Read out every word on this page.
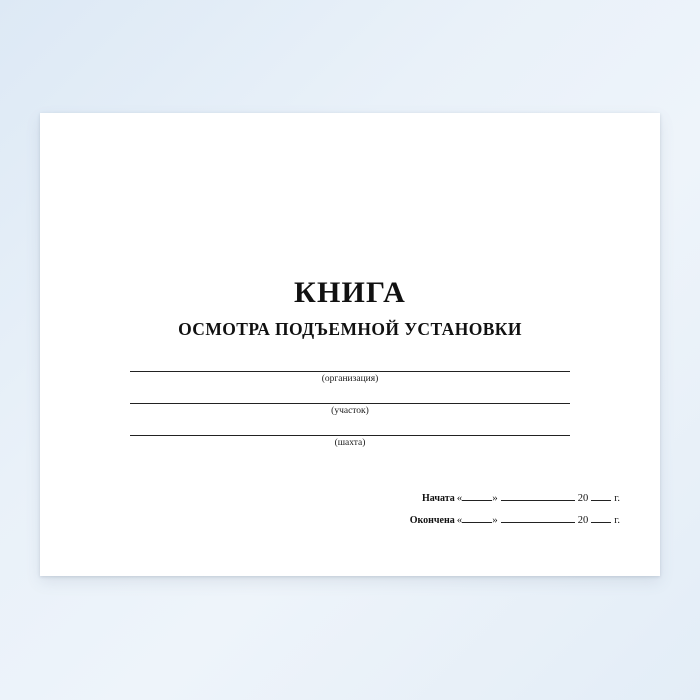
КНИГА
ОСМОТРА ПОДЪЕМНОЙ УСТАНОВКИ
(организация)
(участок)
(шахта)
Начата «	»	20 г.
Окончена «	»	20 г.
